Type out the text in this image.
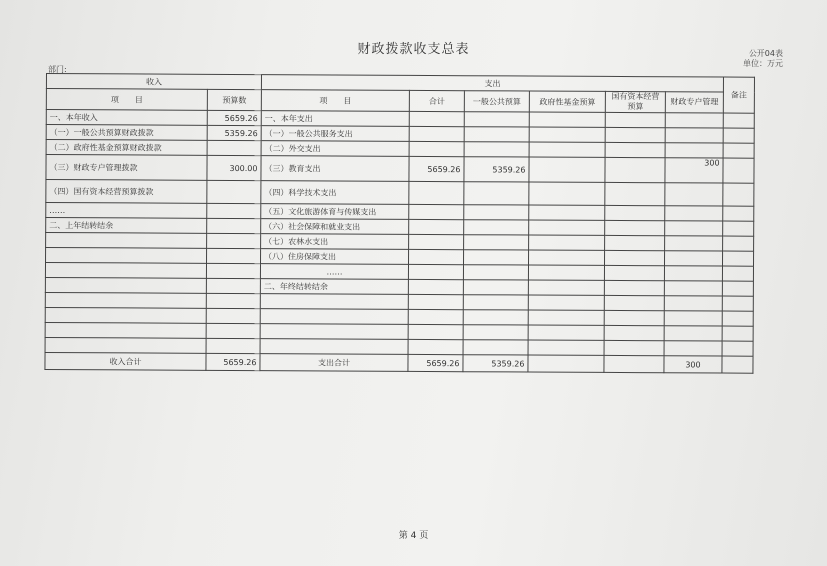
财政拨款收支总表	公开04表
单位：万元
部门:
收入		支出						备注
项　　目	预算数	项　　目	合计	一般公共预算	政府性基金预算	国有资本经营预算	财政专户管理	
一、本年收入	5659.26	一、本年支出						
（一）一般公共预算财政拨款	5359.26	（一）一般公共服务支出						
（二）政府性基金预算财政拨款		（二）外交支出						
（三）财政专户管理拨款	300.00	（三）教育支出	5659.26	5359.26			300	
（四）国有资本经营预算拨款		（四）科学技术支出						
……		（五）文化旅游体育与传媒支出						
二、上年结转结余		（六）社会保障和就业支出						
		（七）农林水支出						
		（八）住房保障支出						
		……						
		二、年终结转结余						

收入合计	5659.26	支出合计	5659.26	5359.26			300	
第 4 页
